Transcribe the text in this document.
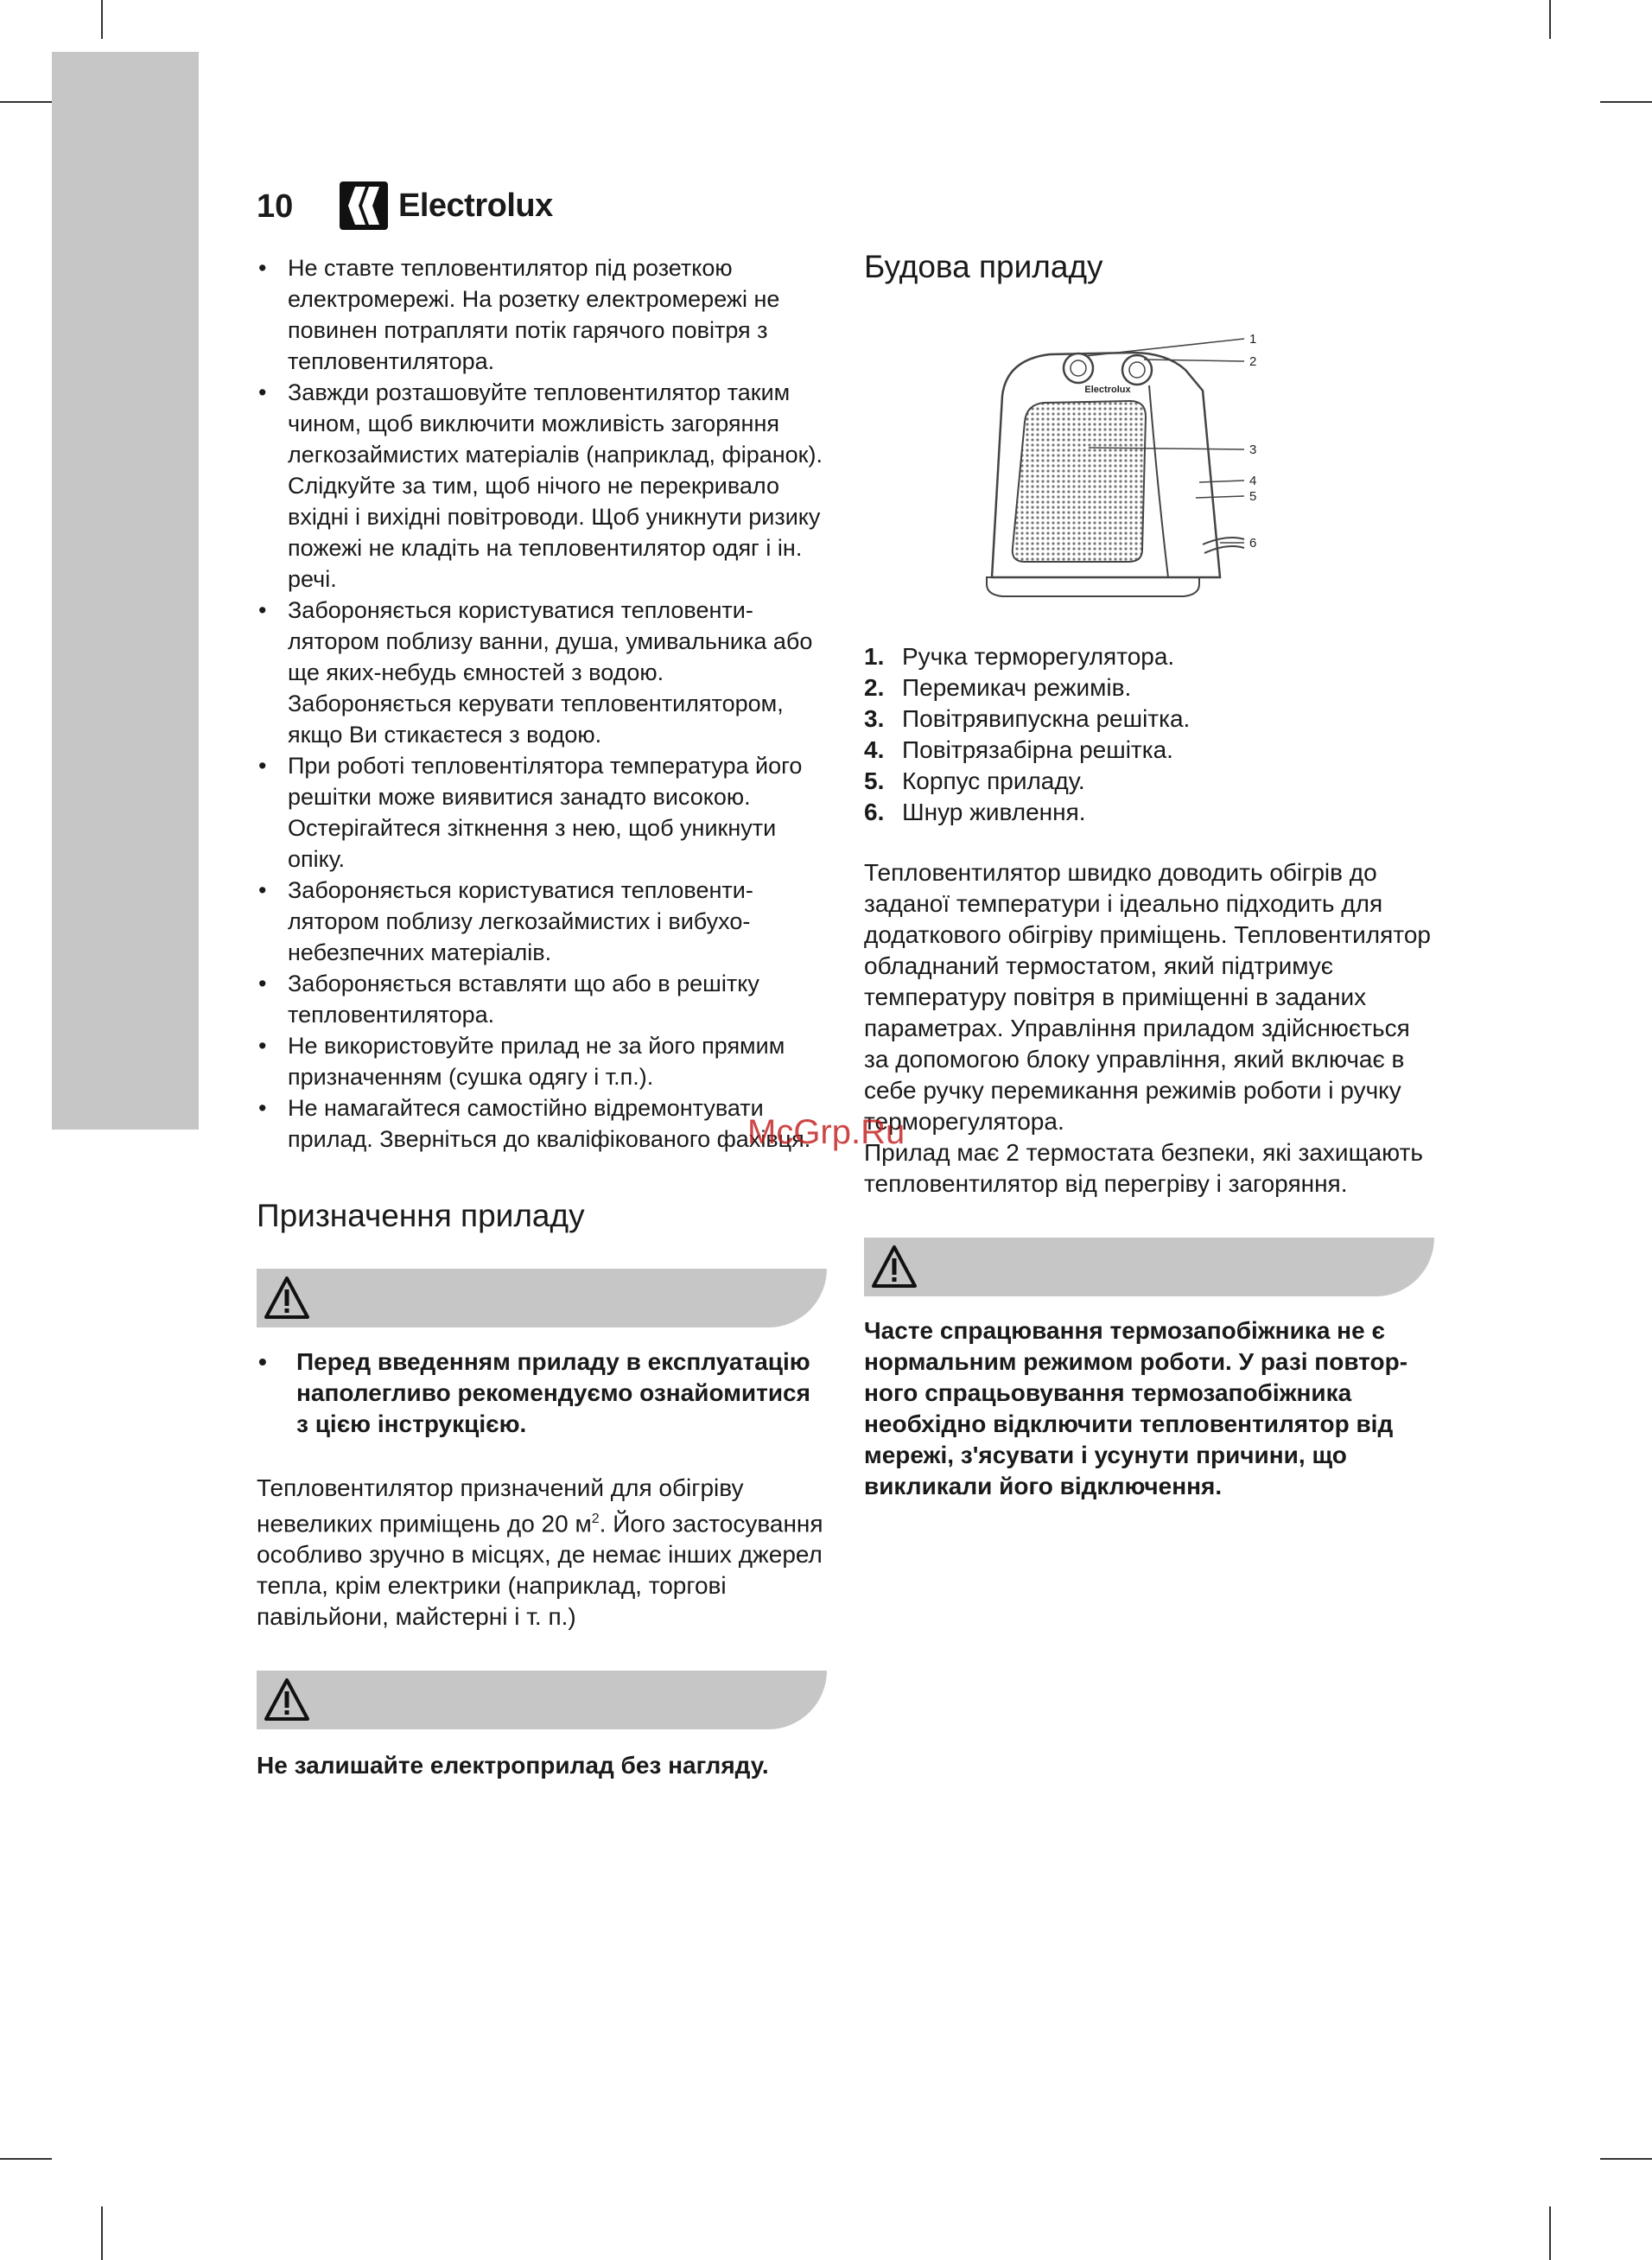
10	Electrolux
• Не ставте тепловентилятор під розеткою електромережі. На розетку електромережі не повинен потрапляти потік гарячого повітря з тепловентилятора.
• Завжди розташовуйте тепловентилятор таким чином, щоб виключити можливість загоряння легкозаймистих матеріалів (наприклад, фіранок). Слідкуйте за тим, щоб нічого не перекривало вхідні і вихідні повітроводи. Щоб уникнути ризику пожежі не кладіть на тепловентилятор одяг і ін. речі.
• Забороняється користуватися тепловентилятором поблизу ванни, душа, умивальника або ще яких-небудь ємностей з водою. Забороняється керувати тепловентилятором, якщо Ви стикаєтеся з водою.
• При роботі тепловентілятора температура його решітки може виявитися занадто високою. Остерігайтеся зіткнення з нею, щоб уникнути опіку.
• Забороняється користуватися тепловентилятором поблизу легкозаймистих і вибухонебезпечних матеріалів.
• Забороняється вставляти що або в решітку тепловентилятора.
• Не використовуйте прилад не за його прямим призначенням (сушка одягу і т.п.).
• Не намагайтеся самостійно відремонтувати прилад. Зверніться до кваліфікованого фахівця.
Призначення приладу
• Перед введенням приладу в експлуатацію наполегливо рекомендуємо ознайомитися з цією інструкцією.

Тепловентилятор призначений для обігріву невеликих приміщень до 20 $м^2$. Його застосування особливо зручно в місцях, де немає інших джерел тепла, крім електрики (наприклад, торгові павільйони, майстерні і т. п.)

Не залишайте електроприлад без нагляду.

Будова приладу
Electrolux
1
2
3
4
5
6
1. Ручка терморегулятора.
2. Перемикач режимів.
3. Повітрявипускна решітка.
4. Повітрязабірна решітка.
5. Корпус приладу.
6. Шнур живлення.

Тепловентилятор швидко доводить обігрів до заданої температури і ідеально підходить для додаткового обігріву приміщень. Тепловентилятор обладнаний термостатом, який підтримує температуру повітря в приміщенні в заданих параметрах. Управління приладом здійснюється за допомогою блоку управління, який включає в себе ручку перемикання режимів роботи і ручку терморегулятора.

Прилад має 2 термостата безпеки, які захищають тепловентилятор від перегріву і загоряння.

Часте спрацювання термозапобіжника не є нормальним режимом роботи. У разі повторного спрацьовування термозапобіжника необхідно відключити тепловентилятор від мережі, з'ясувати і усунути причини, що викликали його відключення.

McGrp.Ru
